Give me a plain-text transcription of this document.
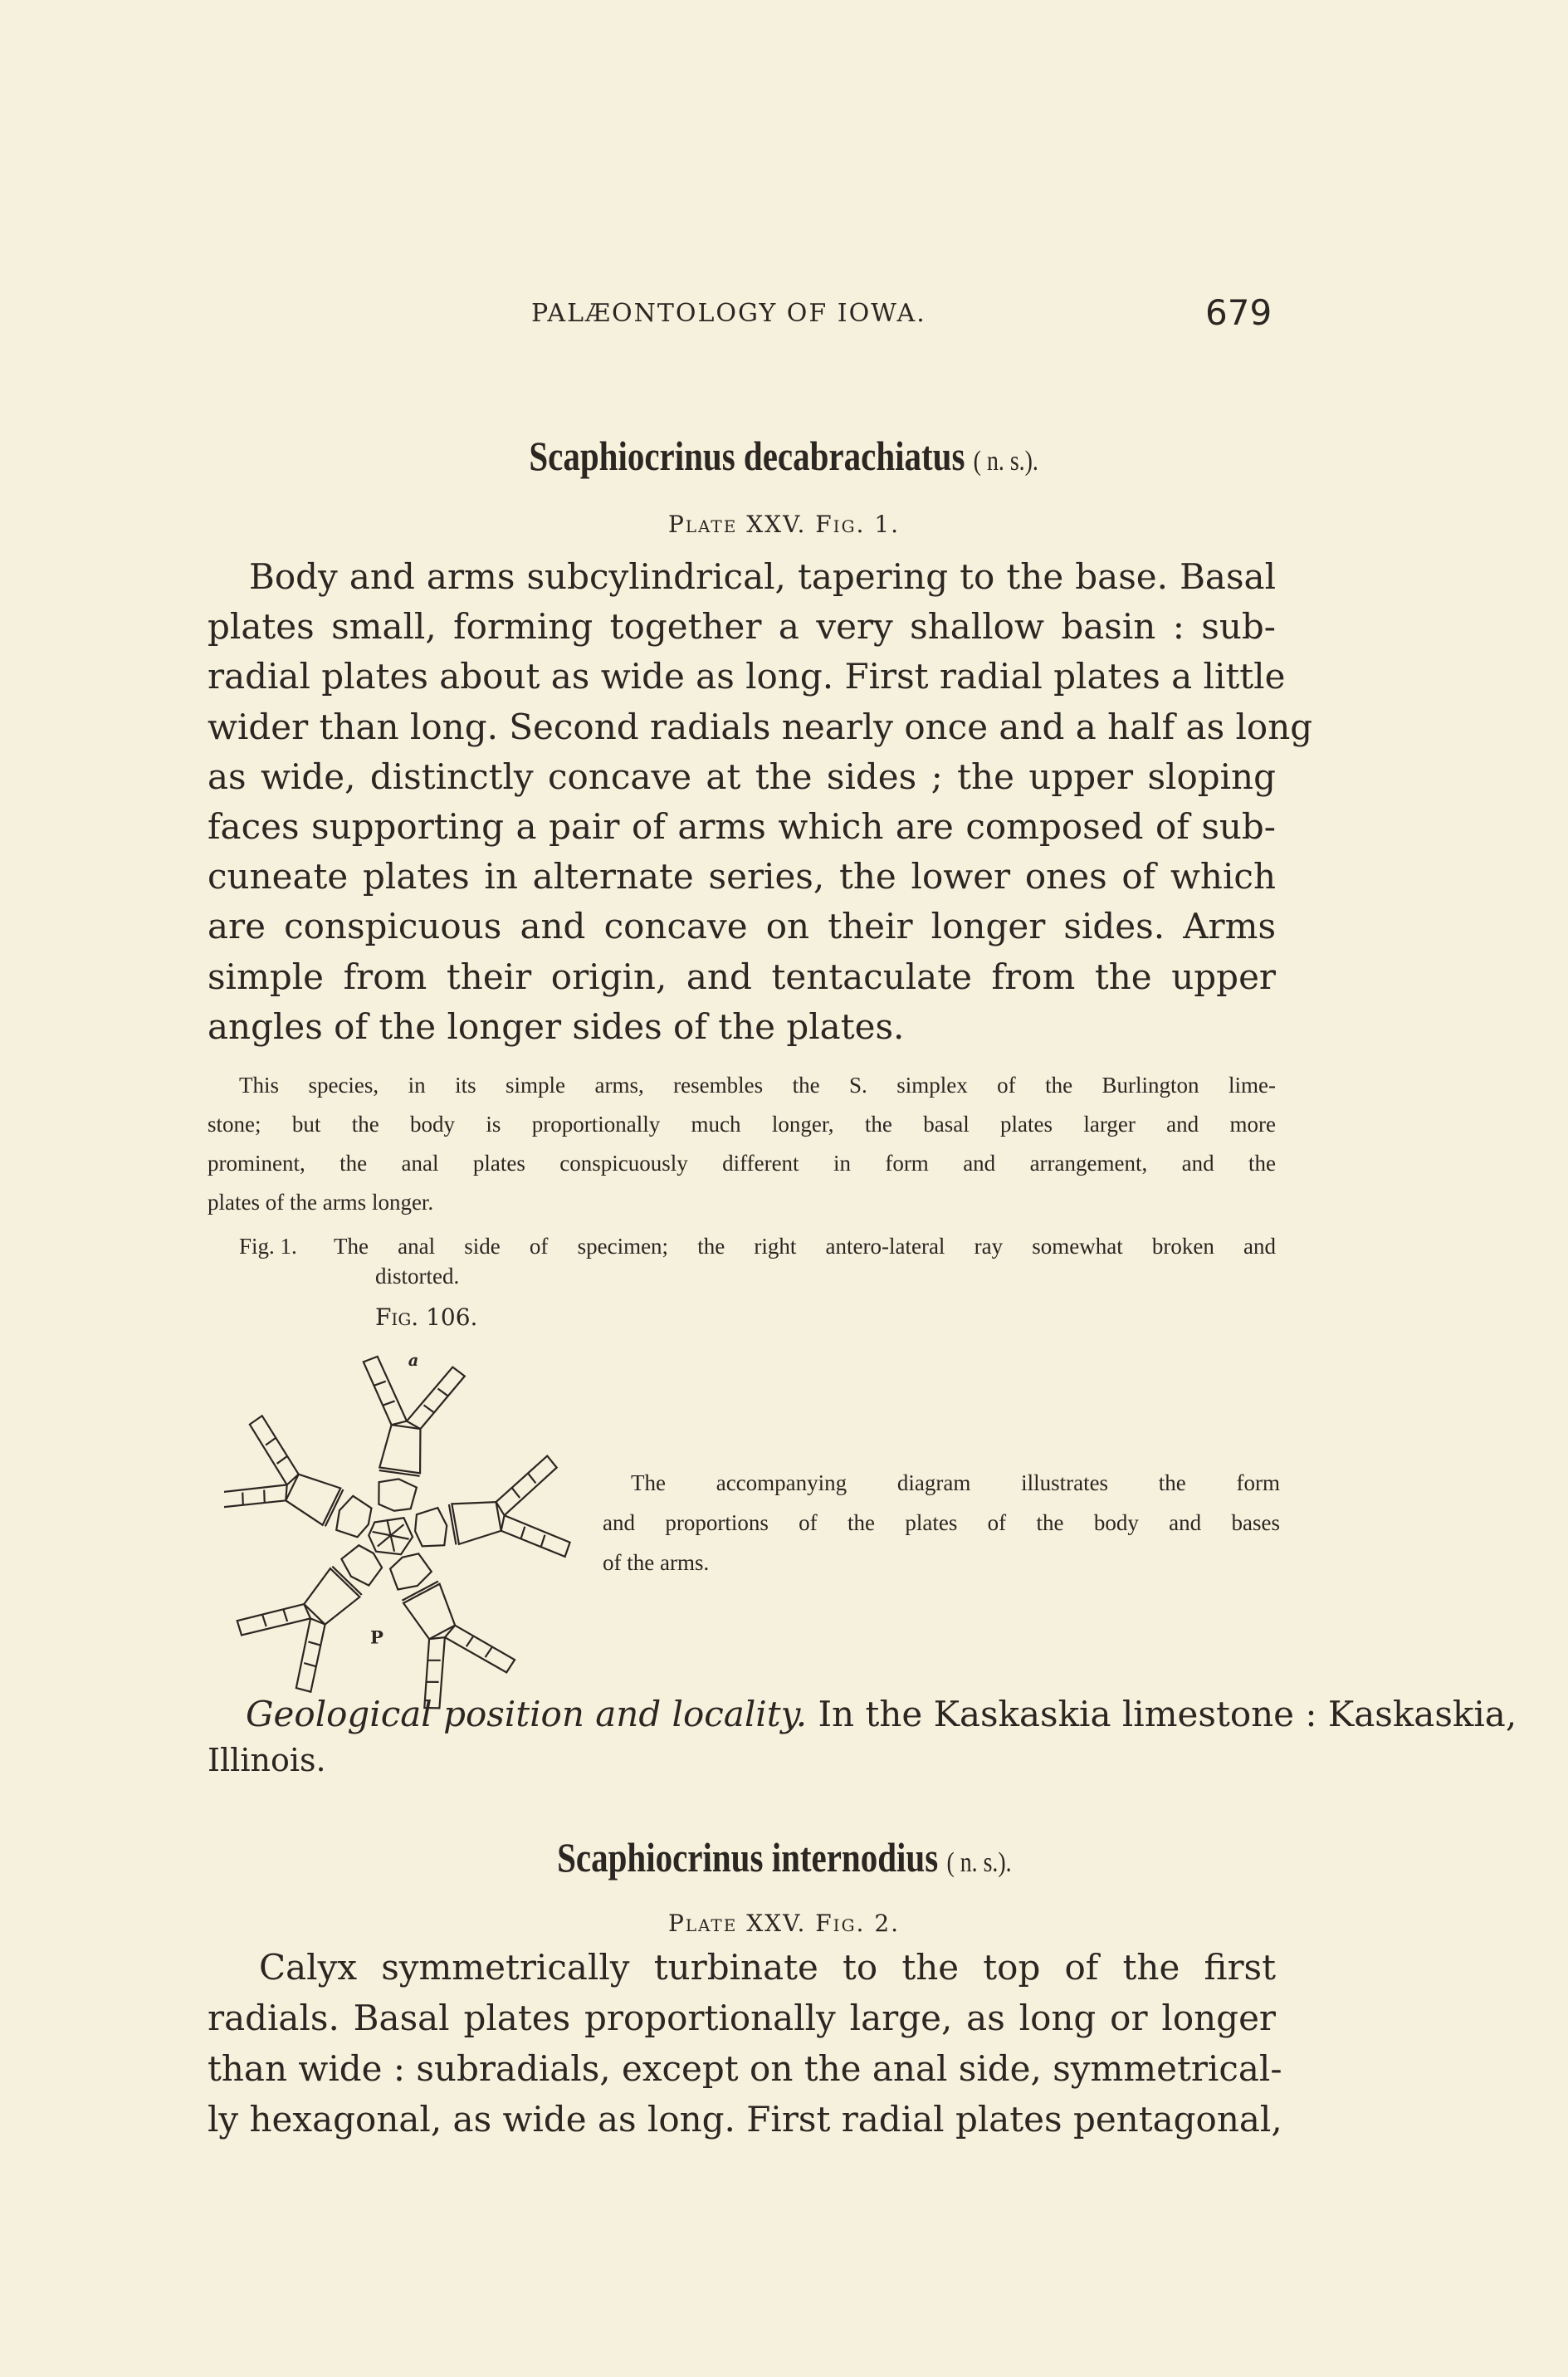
PALÆONTOLOGY OF IOWA.	679
Scaphiocrinus decabrachiatus ( n. s.).
Plate XXV. Fig. 1.
Body and arms subcylindrical, tapering to the base. Basal
plates small, forming together a very shallow basin : sub-
radial plates about as wide as long. First radial plates a little
wider than long. Second radials nearly once and a half as long
as wide, distinctly concave at the sides ; the upper sloping
faces supporting a pair of arms which are composed of sub-
cuneate plates in alternate series, the lower ones of which
are conspicuous and concave on their longer sides. Arms
simple from their origin, and tentaculate from the upper
angles of the longer sides of the plates.
This species, in its simple arms, resembles the S. simplex of the Burlington lime-
stone; but the body is proportionally much longer, the basal plates larger and more
prominent, the anal plates conspicuously different in form and arrangement, and the
plates of the arms longer.
Fig. 1. The anal side of specimen; the right antero-lateral ray somewhat broken and
distorted.
Fig. 106.
a
P
The accompanying diagram illustrates the form
and proportions of the plates of the body and bases
of the arms.
Geological position and locality. In the Kaskaskia limestone : Kaskaskia,
Illinois.
Scaphiocrinus internodius ( n. s.).
Plate XXV. Fig. 2.
Calyx symmetrically turbinate to the top of the first
radials. Basal plates proportionally large, as long or longer
than wide : subradials, except on the anal side, symmetrical-
ly hexagonal, as wide as long. First radial plates pentagonal,
